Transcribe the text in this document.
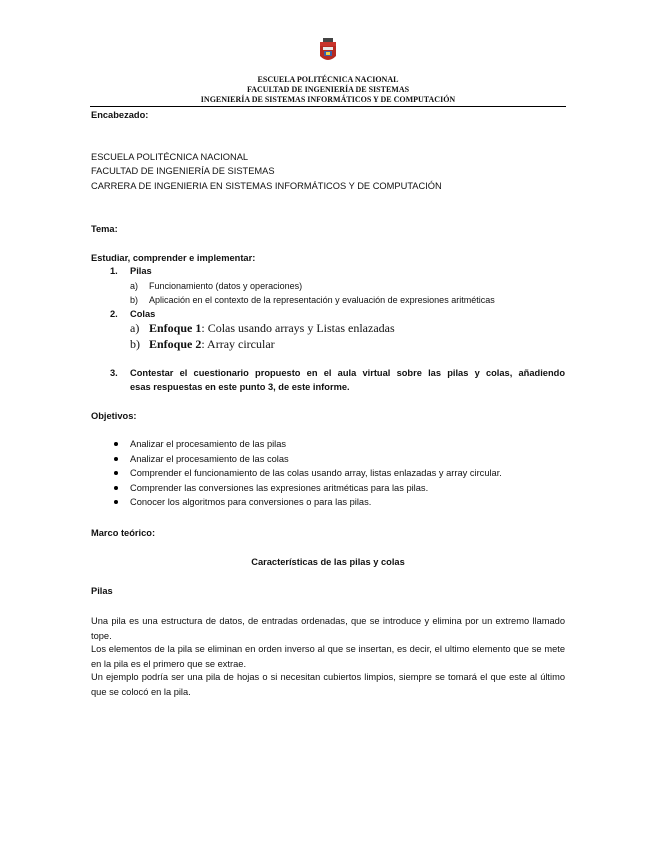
ESCUELA POLITÉCNICA NACIONAL
FACULTAD DE INGENIERÍA DE SISTEMAS
INGENIERÍA DE SISTEMAS INFORMÁTICOS Y DE COMPUTACIÓN
Encabezado:
ESCUELA POLITÉCNICA NACIONAL
FACULTAD DE INGENIERÍA DE SISTEMAS
CARRERA DE INGENIERIA EN SISTEMAS INFORMÁTICOS Y DE COMPUTACIÓN
Tema:
Estudiar, comprender e implementar:
1. Pilas
a) Funcionamiento (datos y operaciones)
b) Aplicación en el contexto de la representación y evaluación de expresiones aritméticas
2. Colas
a) Enfoque 1: Colas usando arrays y Listas enlazadas
b) Enfoque 2: Array circular
3. Contestar el cuestionario propuesto en el aula virtual sobre las pilas y colas, añadiendo
esas respuestas en este punto 3, de este informe.
Objetivos:
Analizar el procesamiento de las pilas
Analizar el procesamiento de las colas
Comprender el funcionamiento de las colas usando array, listas enlazadas y array circular.
Comprender las conversiones las expresiones aritméticas para las pilas.
Conocer los algoritmos para conversiones o para las pilas.
Marco teórico:
Características de las pilas y colas
Pilas
Una pila es una estructura de datos, de entradas ordenadas, que se introduce y elimina por un extremo llamado tope.
Los elementos de la pila se eliminan en orden inverso al que se insertan, es decir, el ultimo elemento que se mete en la pila es el primero que se extrae.
Un ejemplo podría ser una pila de hojas o si necesitan cubiertos limpios, siempre se tomará el que este al último que se colocó en la pila.
